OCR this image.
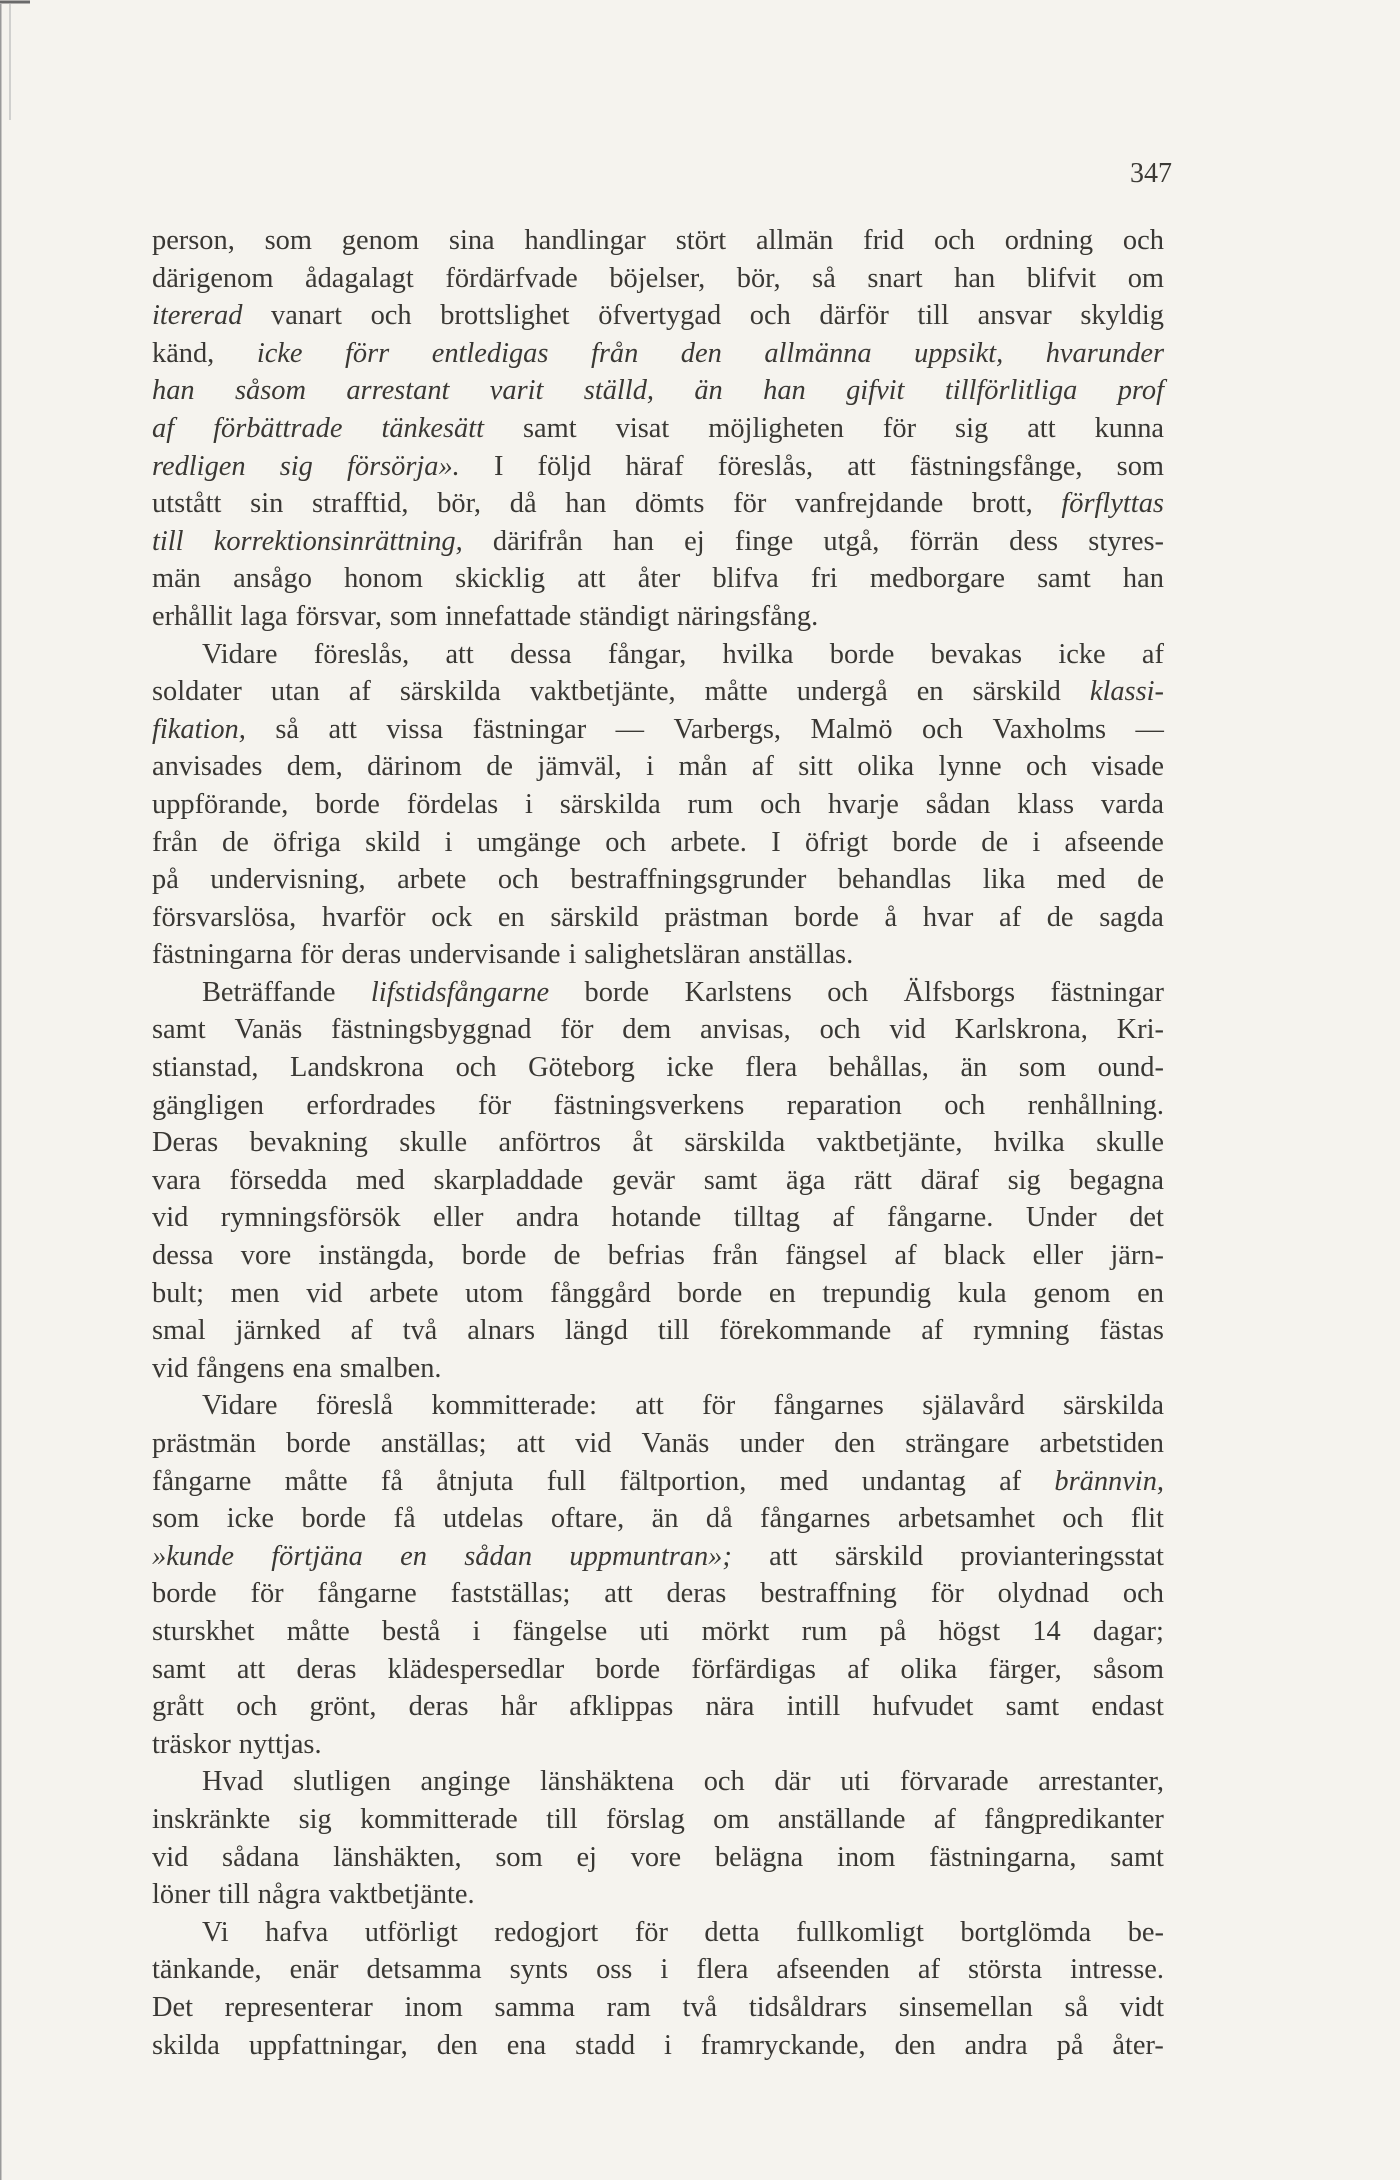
347
person, som genom sina handlingar stört allmän frid och ordning och
därigenom ådagalagt fördärfvade böjelser, bör, så snart han blifvit om
itererad vanart och brottslighet öfvertygad och därför till ansvar skyldig
känd, icke förr entledigas från den allmänna uppsikt, hvarunder
han såsom arrestant varit ställd, än han gifvit tillförlitliga prof
af förbättrade tänkesätt samt visat möjligheten för sig att kunna
redligen sig försörja». I följd häraf föreslås, att fästningsfånge, som
utstått sin strafftid, bör, då han dömts för vanfrejdande brott, förflyttas
till korrektionsinrättning, därifrån han ej finge utgå, förrän dess styres-
män ansågo honom skicklig att åter blifva fri medborgare samt han
erhållit laga försvar, som innefattade ständigt näringsfång.
Vidare föreslås, att dessa fångar, hvilka borde bevakas icke af
soldater utan af särskilda vaktbetjänte, måtte undergå en särskild klassi-
fikation, så att vissa fästningar — Varbergs, Malmö och Vaxholms —
anvisades dem, därinom de jämväl, i mån af sitt olika lynne och visade
uppförande, borde fördelas i särskilda rum och hvarje sådan klass varda
från de öfriga skild i umgänge och arbete. I öfrigt borde de i afseende
på undervisning, arbete och bestraffningsgrunder behandlas lika med de
försvarslösa, hvarför ock en särskild prästman borde å hvar af de sagda
fästningarna för deras undervisande i salighetsläran anställas.
Beträffande lifstidsfångarne borde Karlstens och Älfsborgs fästningar
samt Vanäs fästningsbyggnad för dem anvisas, och vid Karlskrona, Kri-
stianstad, Landskrona och Göteborg icke flera behållas, än som ound-
gängligen erfordrades för fästningsverkens reparation och renhållning.
Deras bevakning skulle anförtros åt särskilda vaktbetjänte, hvilka skulle
vara försedda med skarpladdade gevär samt äga rätt däraf sig begagna
vid rymningsförsök eller andra hotande tilltag af fångarne. Under det
dessa vore instängda, borde de befrias från fängsel af black eller järn-
bult; men vid arbete utom fånggård borde en trepundig kula genom en
smal järnked af två alnars längd till förekommande af rymning fästas
vid fångens ena smalben.
Vidare föreslå kommitterade: att för fångarnes själavård särskilda
prästmän borde anställas; att vid Vanäs under den strängare arbetstiden
fångarne måtte få åtnjuta full fältportion, med undantag af brännvin,
som icke borde få utdelas oftare, än då fångarnes arbetsamhet och flit
»kunde förtjäna en sådan uppmuntran»; att särskild provianteringsstat
borde för fångarne fastställas; att deras bestraffning för olydnad och
sturskhet måtte bestå i fängelse uti mörkt rum på högst 14 dagar;
samt att deras klädespersedlar borde förfärdigas af olika färger, såsom
grått och grönt, deras hår afklippas nära intill hufvudet samt endast
träskor nyttjas.
Hvad slutligen anginge länshäktena och där uti förvarade arrestanter,
inskränkte sig kommitterade till förslag om anställande af fångpredikanter
vid sådana länshäkten, som ej vore belägna inom fästningarna, samt
löner till några vaktbetjänte.
Vi hafva utförligt redogjort för detta fullkomligt bortglömda be-
tänkande, enär detsamma synts oss i flera afseenden af största intresse.
Det representerar inom samma ram två tidsåldrars sinsemellan så vidt
skilda uppfattningar, den ena stadd i framryckande, den andra på åter-
